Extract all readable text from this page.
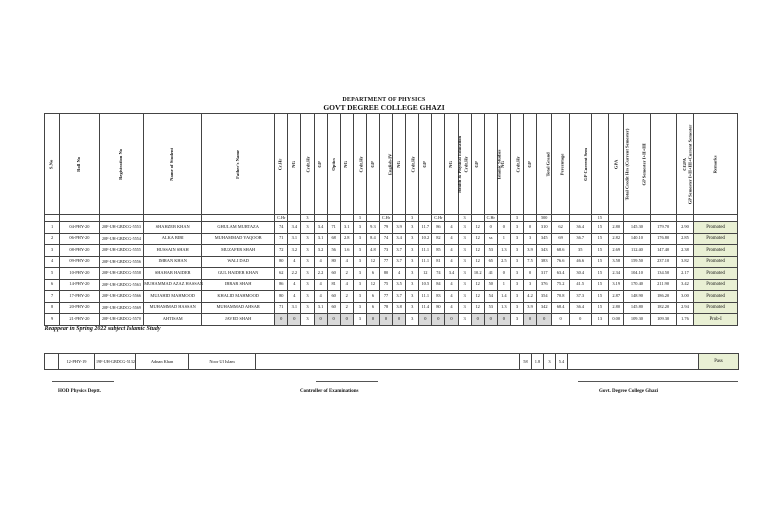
DEPARTMENT OF PHYSICS
GOVT DEGREE COLLEGE GHAZI
S.No	Roll No	Registration No	Name of Student	Father's Name	Cr.Hr	NG	Crdt.Hr	GP	Optics	NG	Crdt.Hr	GP	English-IV	NG	Crdt.Hr	GP	Health & Physical Education	NG	Crdt.Hr	GP	Islamic Studies	NG	Crdt.Hr	GP	Total Grand	Percentage	GP Current Sem	Total Credit Hrs (Current Semester)	GPA	GP Semester I+II+III	GP Semester I+II+III+Current Semester	CGPA	Remarks
					C.Hr		3				3		C.Hr		3		C.Hr		3		C.Hr		3		500			15					
1	04-PHY-20	20F-UH-GBDCG-5553	SHAHZEB KHAN	GHULAM MURTAZA	74	3.4	3	3.4	71	3.1	3	9.3	79	3.9	3	11.7	86	4	3	12	0	0	3	0	310	62	36.4	15	2.80	145.30	179.70	2.90	Promoted
2	06-PHY-20	20F-UH-GBDCG-5554	ALKA BIBI	MUHAMMAD YAQOOB	71	3.1	3	3.1	68	2.8	3	8.4	74	3.4	3	10.2	82	4	3	12	ss	1	3	3	345	69	36.7	15	2.82	140.10	176.80	2.85	Promoted
3	08-PHY-20	20F-UH-GBDCG-5555	HUSSAIN SHAH	MUZAFER SHAH	72	3.2	3	3.2	56	1.6	3	4.8	73	3.7	3	11.1	85	4	3	12	53	1.3	3	3.9	343	68.6	35	15	2.69	112.40	147.40	2.38	Promoted
4	09-PHY-20	20F-UH-GBDCG-5556	IMRAN KHAN	WALI DAD	80	4	3	4	80	4	3	12	77	3.7	3	11.1	81	4	3	12	65	2.5	3	7.5	383	76.6	46.6	15	3.58	159.50	237.10	3.82	Promoted
5	10-PHY-20	20F-UH-GBDCG-5558	SHAHAB HAIDER	GUL HAIDER KHAN	62	2.2	3	2.2	60	2	3	6	80	4	3	12	74	3.4	3	10.2	41	0	3	0	317	63.4	30.4	15	2.34	104.10	134.50	2.17	Promoted
6	14-PHY-20	20F-UH-GBDCG-5563	MUHAMMAD AZAZ HASSAN	IBRAR SHAH	86	4	3	4	81	4	3	12	75	3.5	3	10.5	84	4	3	12	50	1	3	3	376	75.2	41.5	15	3.19	170.40	211.90	3.42	Promoted
7	17-PHY-20	20F-UH-GBDCG-5566	MUJAHID MAHMOOD	KHALID MAHMOOD	80	4	3	4	60	2	3	6	77	3.7	3	11.1	83	4	3	12	54	1.4	3	4.2	354	70.8	37.3	15	2.87	148.90	186.20	3.00	Promoted
8	20-PHY-20	20F-UH-GBDCG-5569	MUHAMMAD HASSAN	MUHAMMAD AHSAR	71	3.1	3	3.1	60	2	3	6	78	3.8	3	11.4	80	4	3	12	53	1.3	3	3.9	342	68.4	36.4	15	2.80	145.80	182.20	2.94	Promoted
9	21-PHY-20	20F-UH-GBDCG-5570	AHTISAM	JAVED SHAH	0	0	3	0	0	0	3	0	0	0	3	0	0	0	3	0	0	0	3	0	0	0	0	13	0.00	109.30	109.30	1.76	Prob-I
Reappear in Spring 2022 subject Islamic Study																																	
	12-PHY-19	19F-UH-GBDCG-5132	Adnan Khan	Noor Ul Islam		58	1.8	3	5.4		Pass
HOD Physics Deptt.	Controller of Examinations	Govt. Degree College Ghazi
